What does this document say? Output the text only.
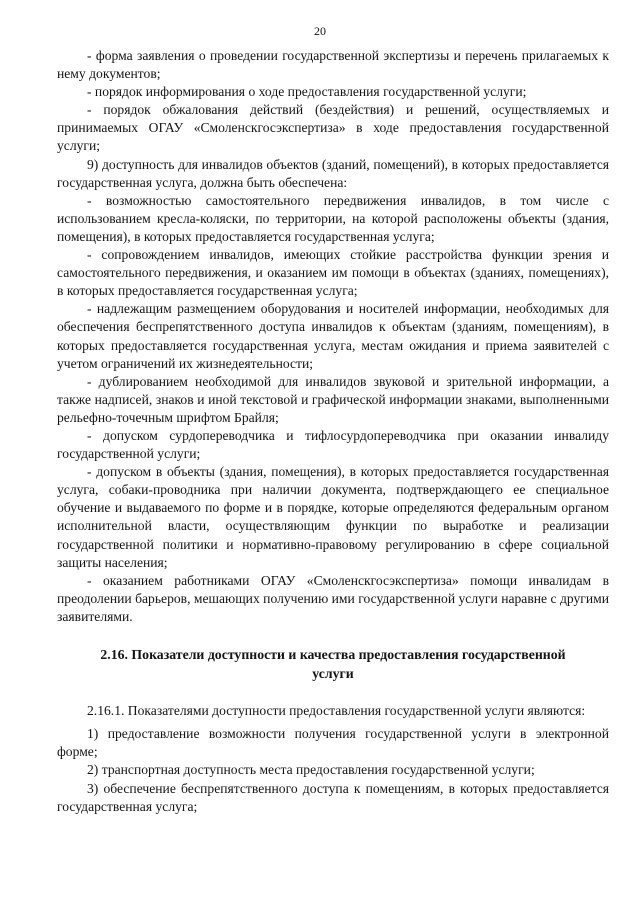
20

- форма заявления о проведении государственной экспертизы и перечень прилагаемых к нему документов;

- порядок информирования о ходе предоставления государственной услуги;

- порядок обжалования действий (бездействия) и решений, осуществляемых и принимаемых ОГАУ «Смоленскгосэкспертиза» в ходе предоставления государственной услуги;

9) доступность для инвалидов объектов (зданий, помещений), в которых предоставляется государственная услуга, должна быть обеспечена:

- возможностью самостоятельного передвижения инвалидов, в том числе с использованием кресла-коляски, по территории, на которой расположены объекты (здания, помещения), в которых предоставляется государственная услуга;

- сопровождением инвалидов, имеющих стойкие расстройства функции зрения и самостоятельного передвижения, и оказанием им помощи в объектах (зданиях, помещениях), в которых предоставляется государственная услуга;

- надлежащим размещением оборудования и носителей информации, необходимых для обеспечения беспрепятственного доступа инвалидов к объектам (зданиям, помещениям), в которых предоставляется государственная услуга, местам ожидания и приема заявителей с учетом ограничений их жизнедеятельности;

- дублированием необходимой для инвалидов звуковой и зрительной информации, а также надписей, знаков и иной текстовой и графической информации знаками, выполненными рельефно-точечным шрифтом Брайля;

- допуском сурдопереводчика и тифлосурдопереводчика при оказании инвалиду государственной услуги;

- допуском в объекты (здания, помещения), в которых предоставляется государственная услуга, собаки-проводника при наличии документа, подтверждающего ее специальное обучение и выдаваемого по форме и в порядке, которые определяются федеральным органом исполнительной власти, осуществляющим функции по выработке и реализации государственной политики и нормативно-правовому регулированию в сфере социальной защиты населения;

- оказанием работниками ОГАУ «Смоленскгосэкспертиза» помощи инвалидам в преодолении барьеров, мешающих получению ими государственной услуги наравне с другими заявителями.

2.16. Показатели доступности и качества предоставления государственной услуги

2.16.1. Показателями доступности предоставления государственной услуги являются:

1) предоставление возможности получения государственной услуги в электронной форме;

2) транспортная доступность места предоставления государственной услуги;

3) обеспечение беспрепятственного доступа к помещениям, в которых предоставляется государственная услуга;
